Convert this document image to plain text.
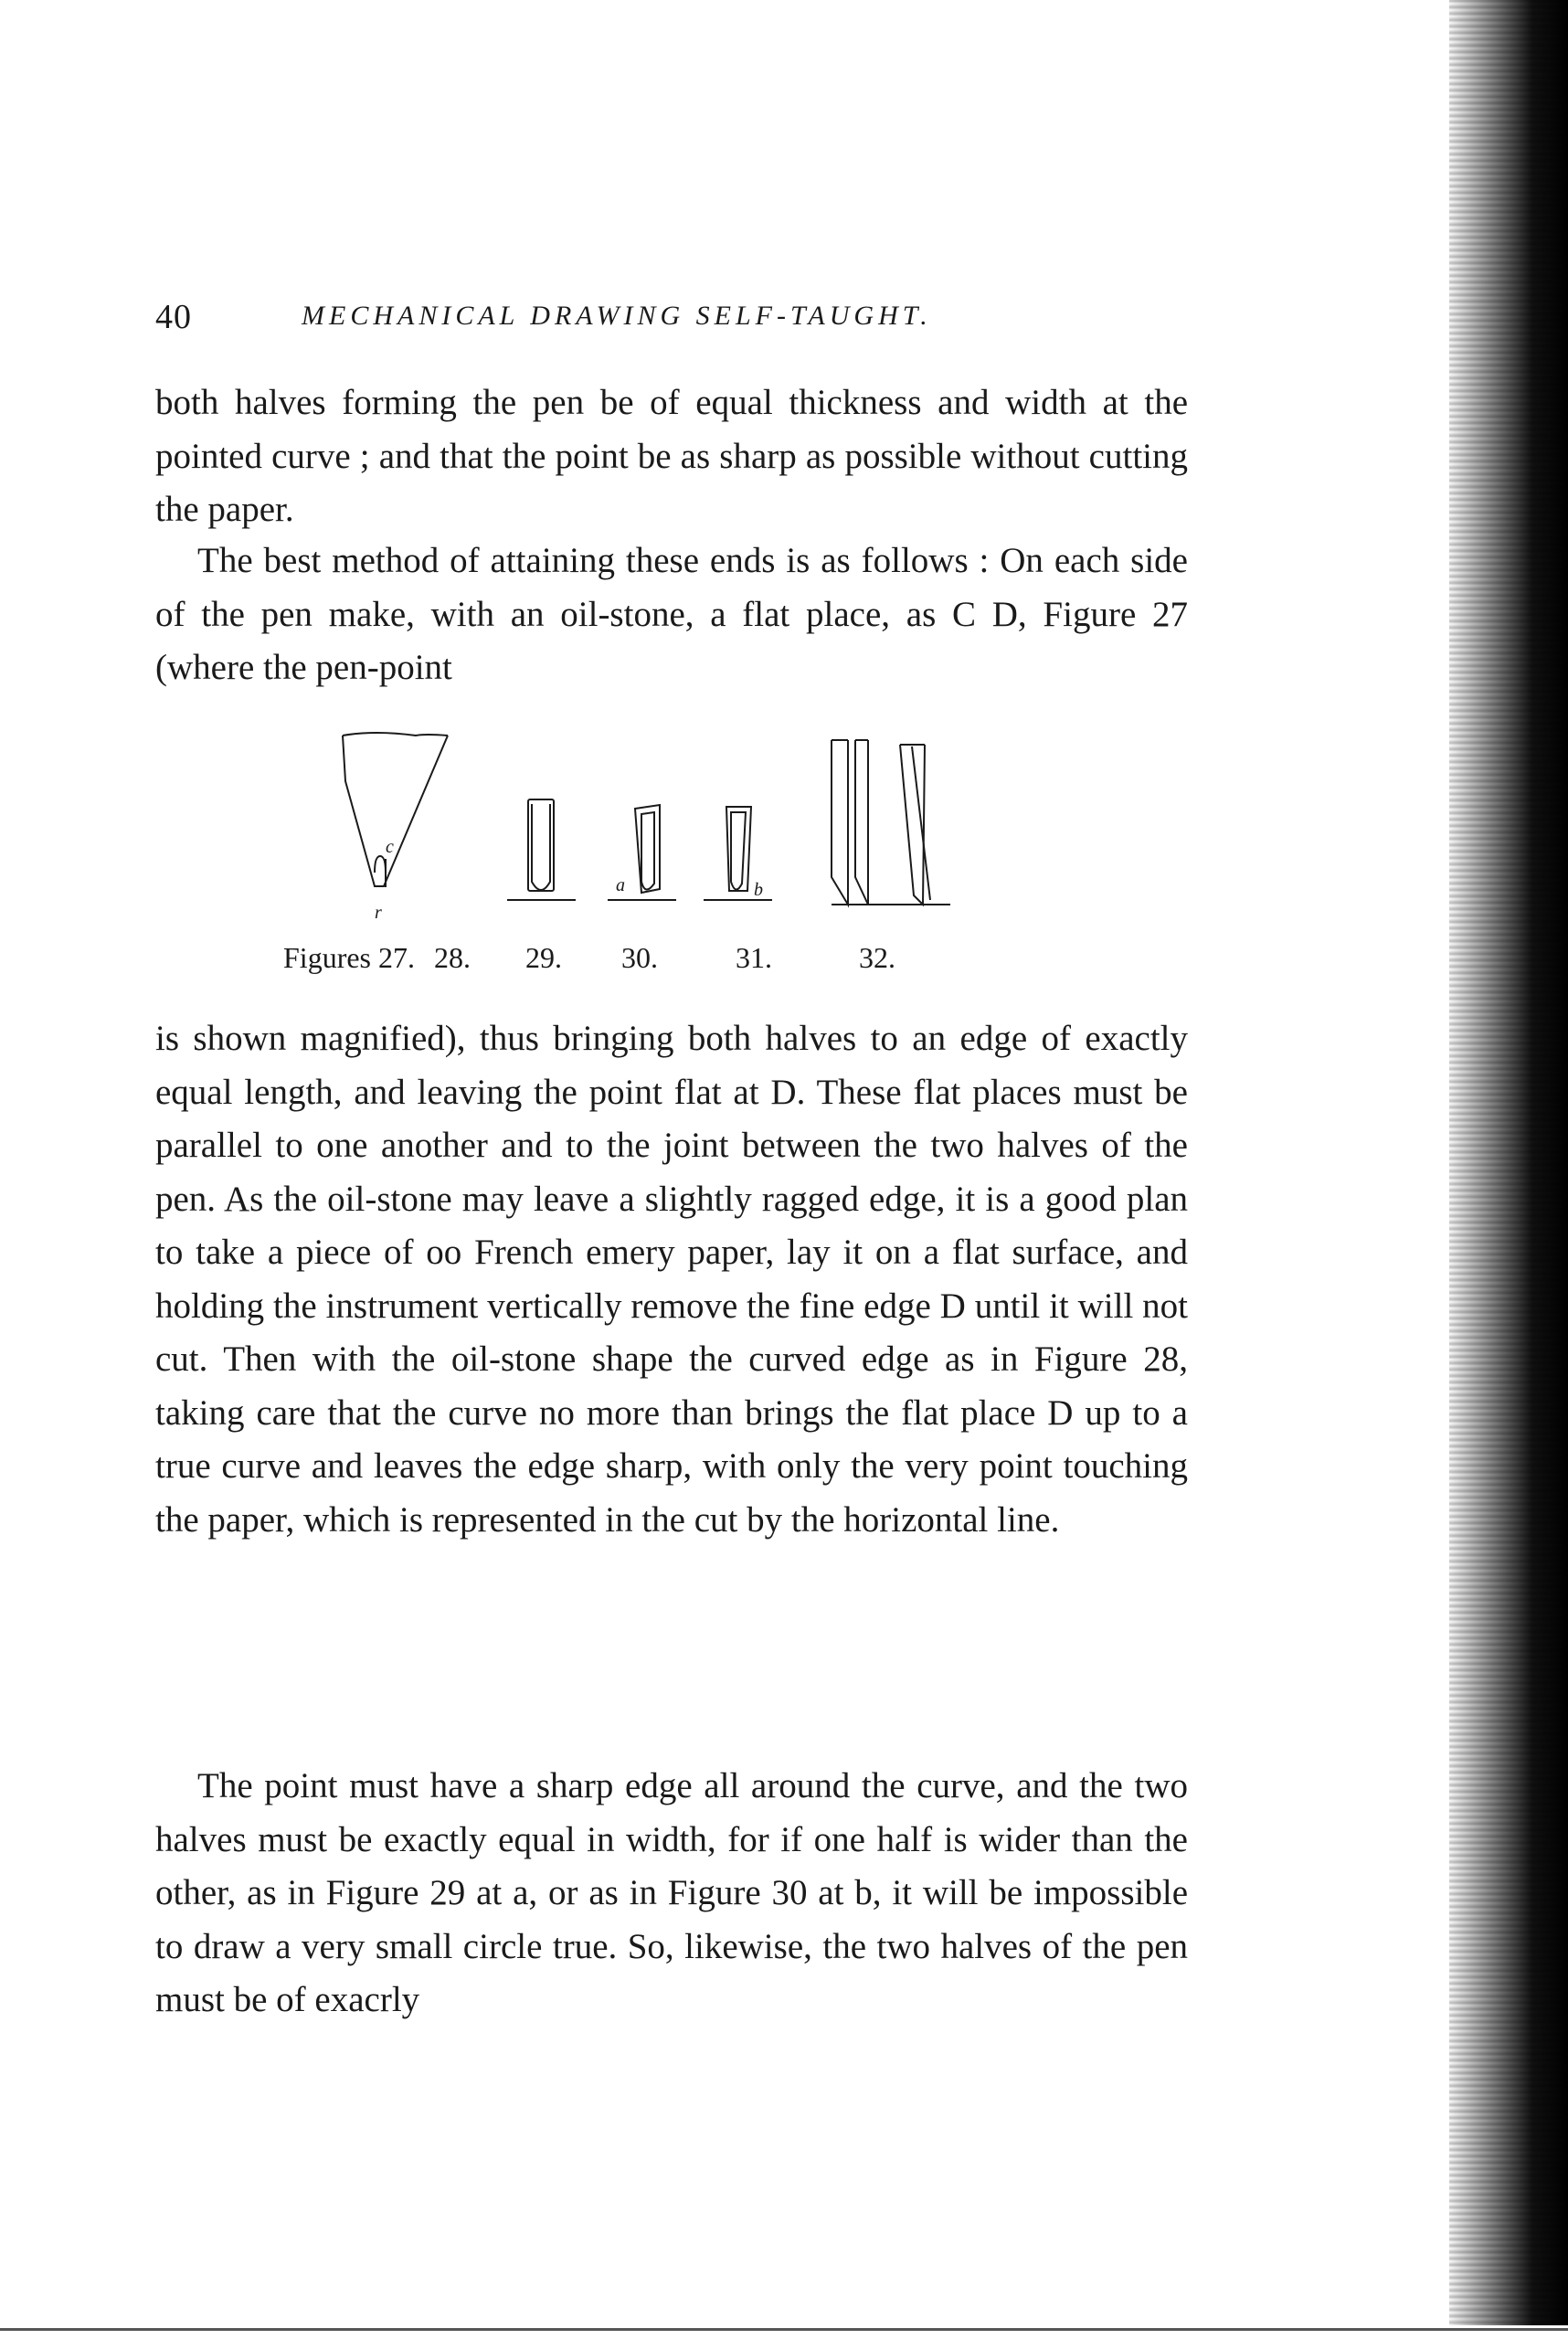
40	MECHANICAL DRAWING SELF-TAUGHT.

both halves forming the pen be of equal thickness and width at the pointed curve ; and that the point be as sharp as possible without cutting the paper.

The best method of attaining these ends is as follows : On each side of the pen make, with an oil-stone, a flat place, as C D, Figure 27 (where the pen-point

c
r
a	b
Figures 27. 28. 29. 30.	31.	32.

is shown magnified), thus bringing both halves to an edge of exactly equal length, and leaving the point flat at D. These flat places must be parallel to one another and to the joint between the two halves of the pen. As the oil-stone may leave a slightly ragged edge, it is a good plan to take a piece of oo French emery paper, lay it on a flat surface, and holding the instrument vertically remove the fine edge D until it will not cut. Then with the oil-stone shape the curved edge as in Figure 28, taking care that the curve no more than brings the flat place D up to a true curve and leaves the edge sharp, with only the very point touching the paper, which is represented in the cut by the horizontal line.

The point must have a sharp edge all around the curve, and the two halves must be exactly equal in width, for if one half is wider than the other, as in Figure 29 at a, or as in Figure 30 at b, it will be impossible to draw a very small circle true. So, likewise, the two halves of the pen must be of exacrly
